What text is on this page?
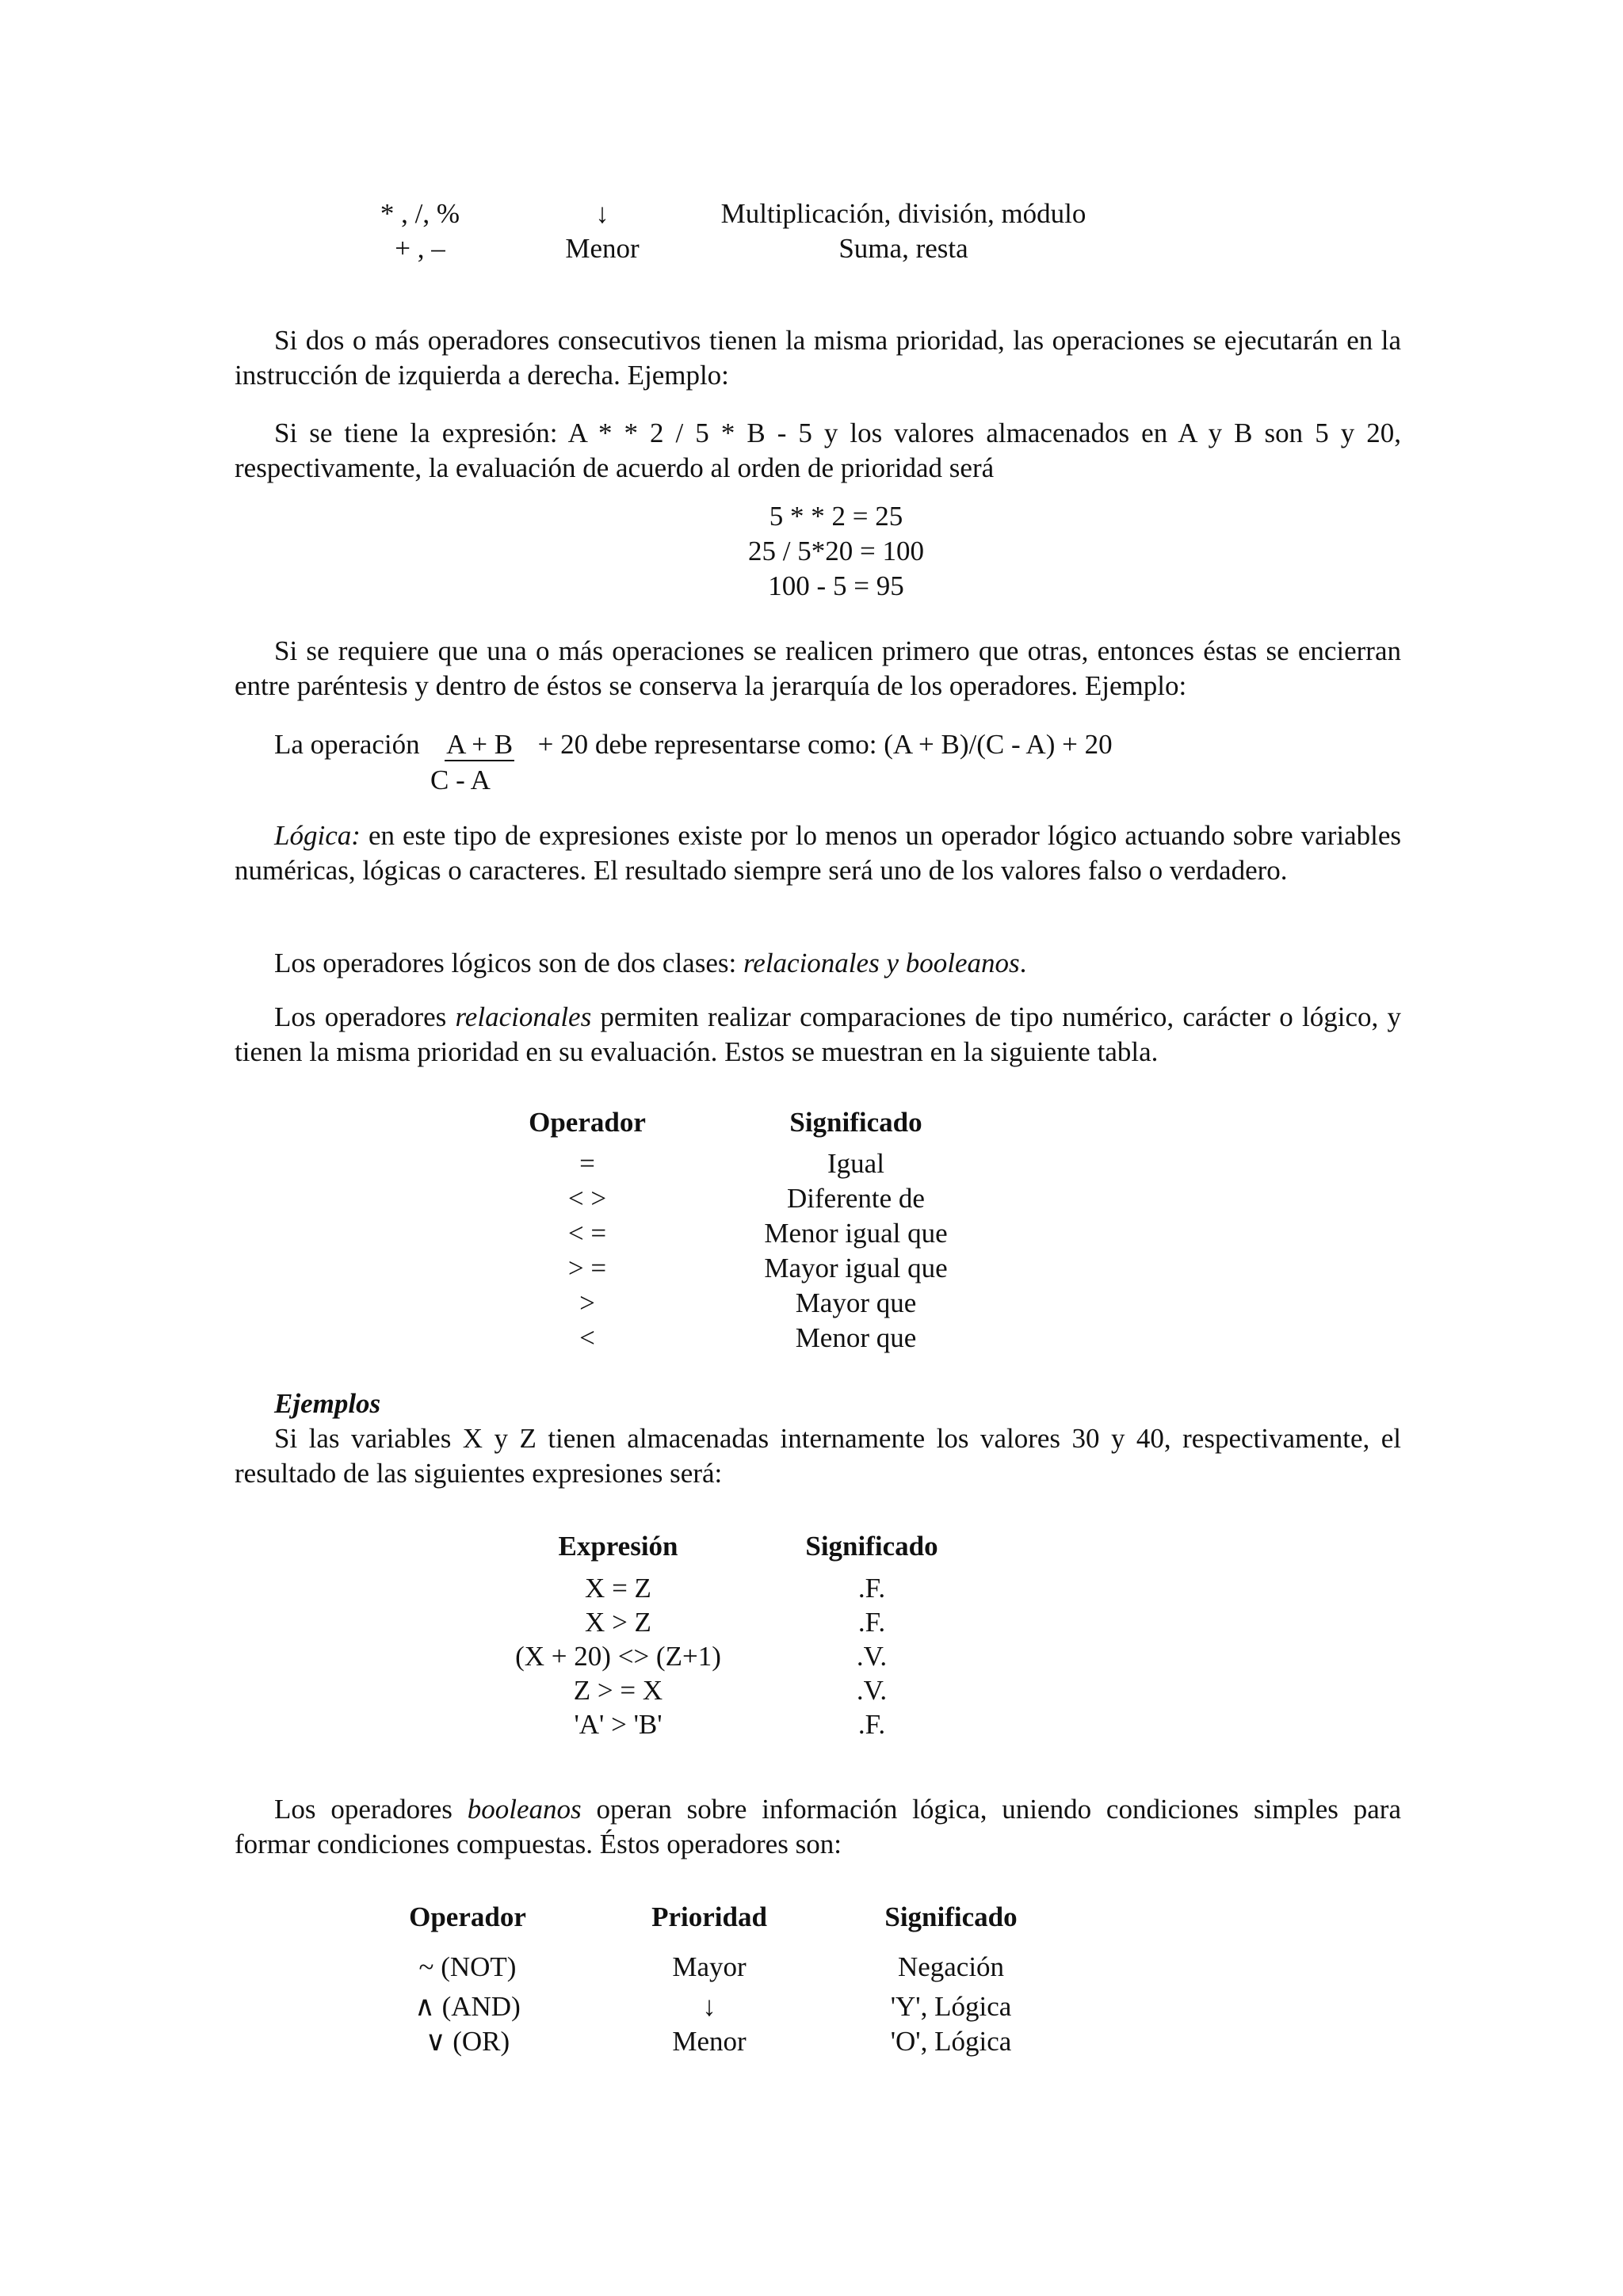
* , /, %	↓	Multiplicación, división, módulo
+ , –	Menor	Suma, resta

Si dos o más operadores consecutivos tienen la misma prioridad, las operaciones se ejecutarán en la instrucción de izquierda a derecha. Ejemplo:

Si se tiene la expresión: A * * 2 / 5 * B - 5 y los valores almacenados en A y B son 5 y 20, respectivamente, la evaluación de acuerdo al orden de prioridad será

5 * * 2 = 25
25 / 5*20 = 100
100 - 5 = 95

Si se requiere que una o más operaciones se realicen primero que otras, entonces éstas se encierran entre paréntesis y dentro de éstos se conserva la jerarquía de los operadores. Ejemplo:

La operación A + B + 20 debe representarse como: (A + B)/(C - A) + 20
C - A

Lógica: en este tipo de expresiones existe por lo menos un operador lógico actuando sobre variables numéricas, lógicas o caracteres. El resultado siempre será uno de los valores falso o verdadero.

Los operadores lógicos son de dos clases: relacionales y booleanos.

Los operadores relacionales permiten realizar comparaciones de tipo numérico, carácter o lógico, y tienen la misma prioridad en su evaluación. Estos se muestran en la siguiente tabla.

Operador	Significado
=	Igual
< >	Diferente de
< =	Menor igual que
> =	Mayor igual que
>	Mayor que
<	Menor que
Ejemplos

Si las variables X y Z tienen almacenadas internamente los valores 30 y 40, respectivamente, el resultado de las siguientes expresiones será:

Expresión	Significado
X = Z	.F.
X > Z	.F.
(X + 20) <> (Z+1)	.V.
Z > = X	.V.
'A' > 'B'	.F.

Los operadores booleanos operan sobre información lógica, uniendo condiciones simples para formar condiciones compuestas. Éstos operadores son:

Operador	Prioridad	Significado
~ (NOT)	Mayor	Negación
∧ (AND)	↓	'Y', Lógica
∨ (OR)	Menor	'O', Lógica
